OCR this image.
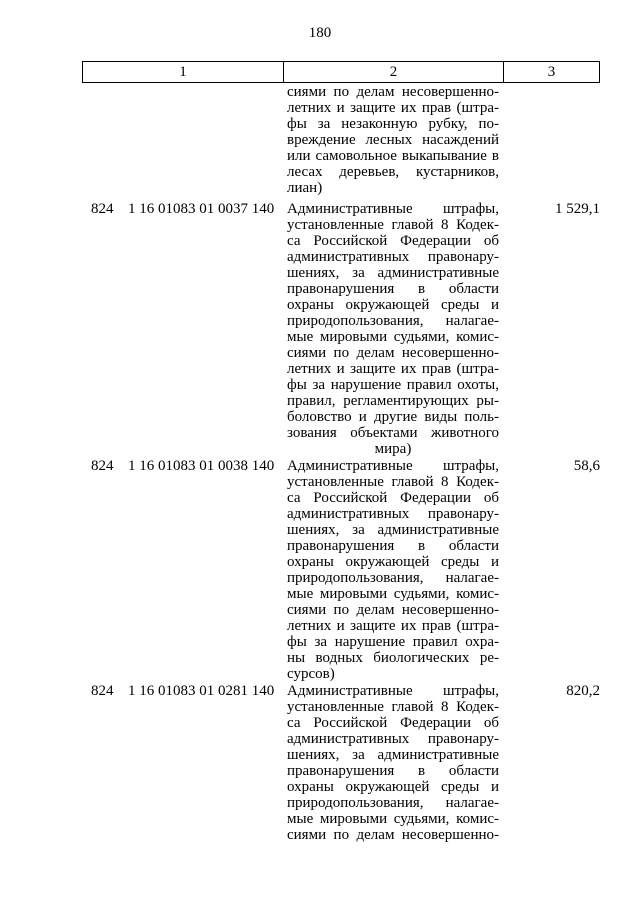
180
1	2	3
сиями по делам несовершенно-
летних и защите их прав (штра-
фы за незаконную рубку, по-
вреждение лесных насаждений
или самовольное выкапывание в
лесах деревьев, кустарников,
лиан)
824 1 16 01083 01 0037 140 Административные штрафы,
установленные главой 8 Кодек-
са Российской Федерации об
административных правонару-
шениях, за административные
правонарушения в области
охраны окружающей среды и
природопользования, налагае-
мые мировыми судьями, комис-
сиями по делам несовершенно-
летних и защите их прав (штра-
фы за нарушение правил охоты,
правил, регламентирующих ры-
боловство и другие виды поль-
зования объектами животного
мира)
1 529,1
824 1 16 01083 01 0038 140 Административные штрафы,
установленные главой 8 Кодек-
са Российской Федерации об
административных правонару-
шениях, за административные
правонарушения в области
охраны окружающей среды и
природопользования, налагае-
мые мировыми судьями, комис-
сиями по делам несовершенно-
летних и защите их прав (штра-
фы за нарушение правил охра-
ны водных биологических ре-
сурсов)
58,6
824 1 16 01083 01 0281 140 Административные штрафы,
установленные главой 8 Кодек-
са Российской Федерации об
административных правонару-
шениях, за административные
правонарушения в области
охраны окружающей среды и
природопользования, налагае-
мые мировыми судьями, комис-
сиями по делам несовершенно-
820,2
